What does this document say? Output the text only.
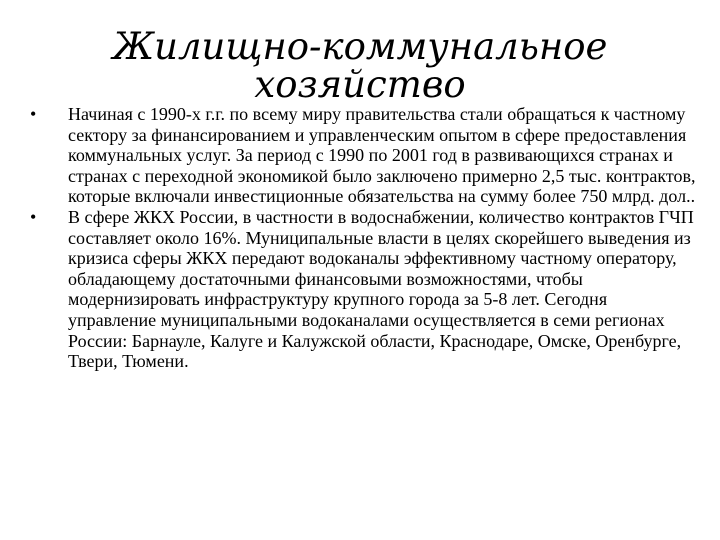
Жилищно-коммунальное
хозяйство
•	Начиная с 1990-х г.г. по всему миру правительства стали обращаться к частному сектору за финансированием и управленческим опытом в сфере предоставления коммунальных услуг. За период с 1990 по 2001 год в развивающихся странах и странах с переходной экономикой было заключено примерно 2,5 тыс. контрактов, которые включали инвестиционные обязательства на сумму более 750 млрд. дол..
•	В сфере ЖКХ России, в частности в водоснабжении, количество контрактов ГЧП составляет около 16%. Муниципальные власти в целях скорейшего выведения из кризиса сферы ЖКХ передают водоканалы эффективному частному оператору, обладающему достаточными финансовыми возможностями, чтобы модернизировать инфраструктуру крупного города за 5-8 лет. Сегодня управление муниципальными водоканалами осуществляется в семи регионах России: Барнауле, Калуге и Калужской области, Краснодаре, Омске, Оренбурге, Твери, Тюмени.
